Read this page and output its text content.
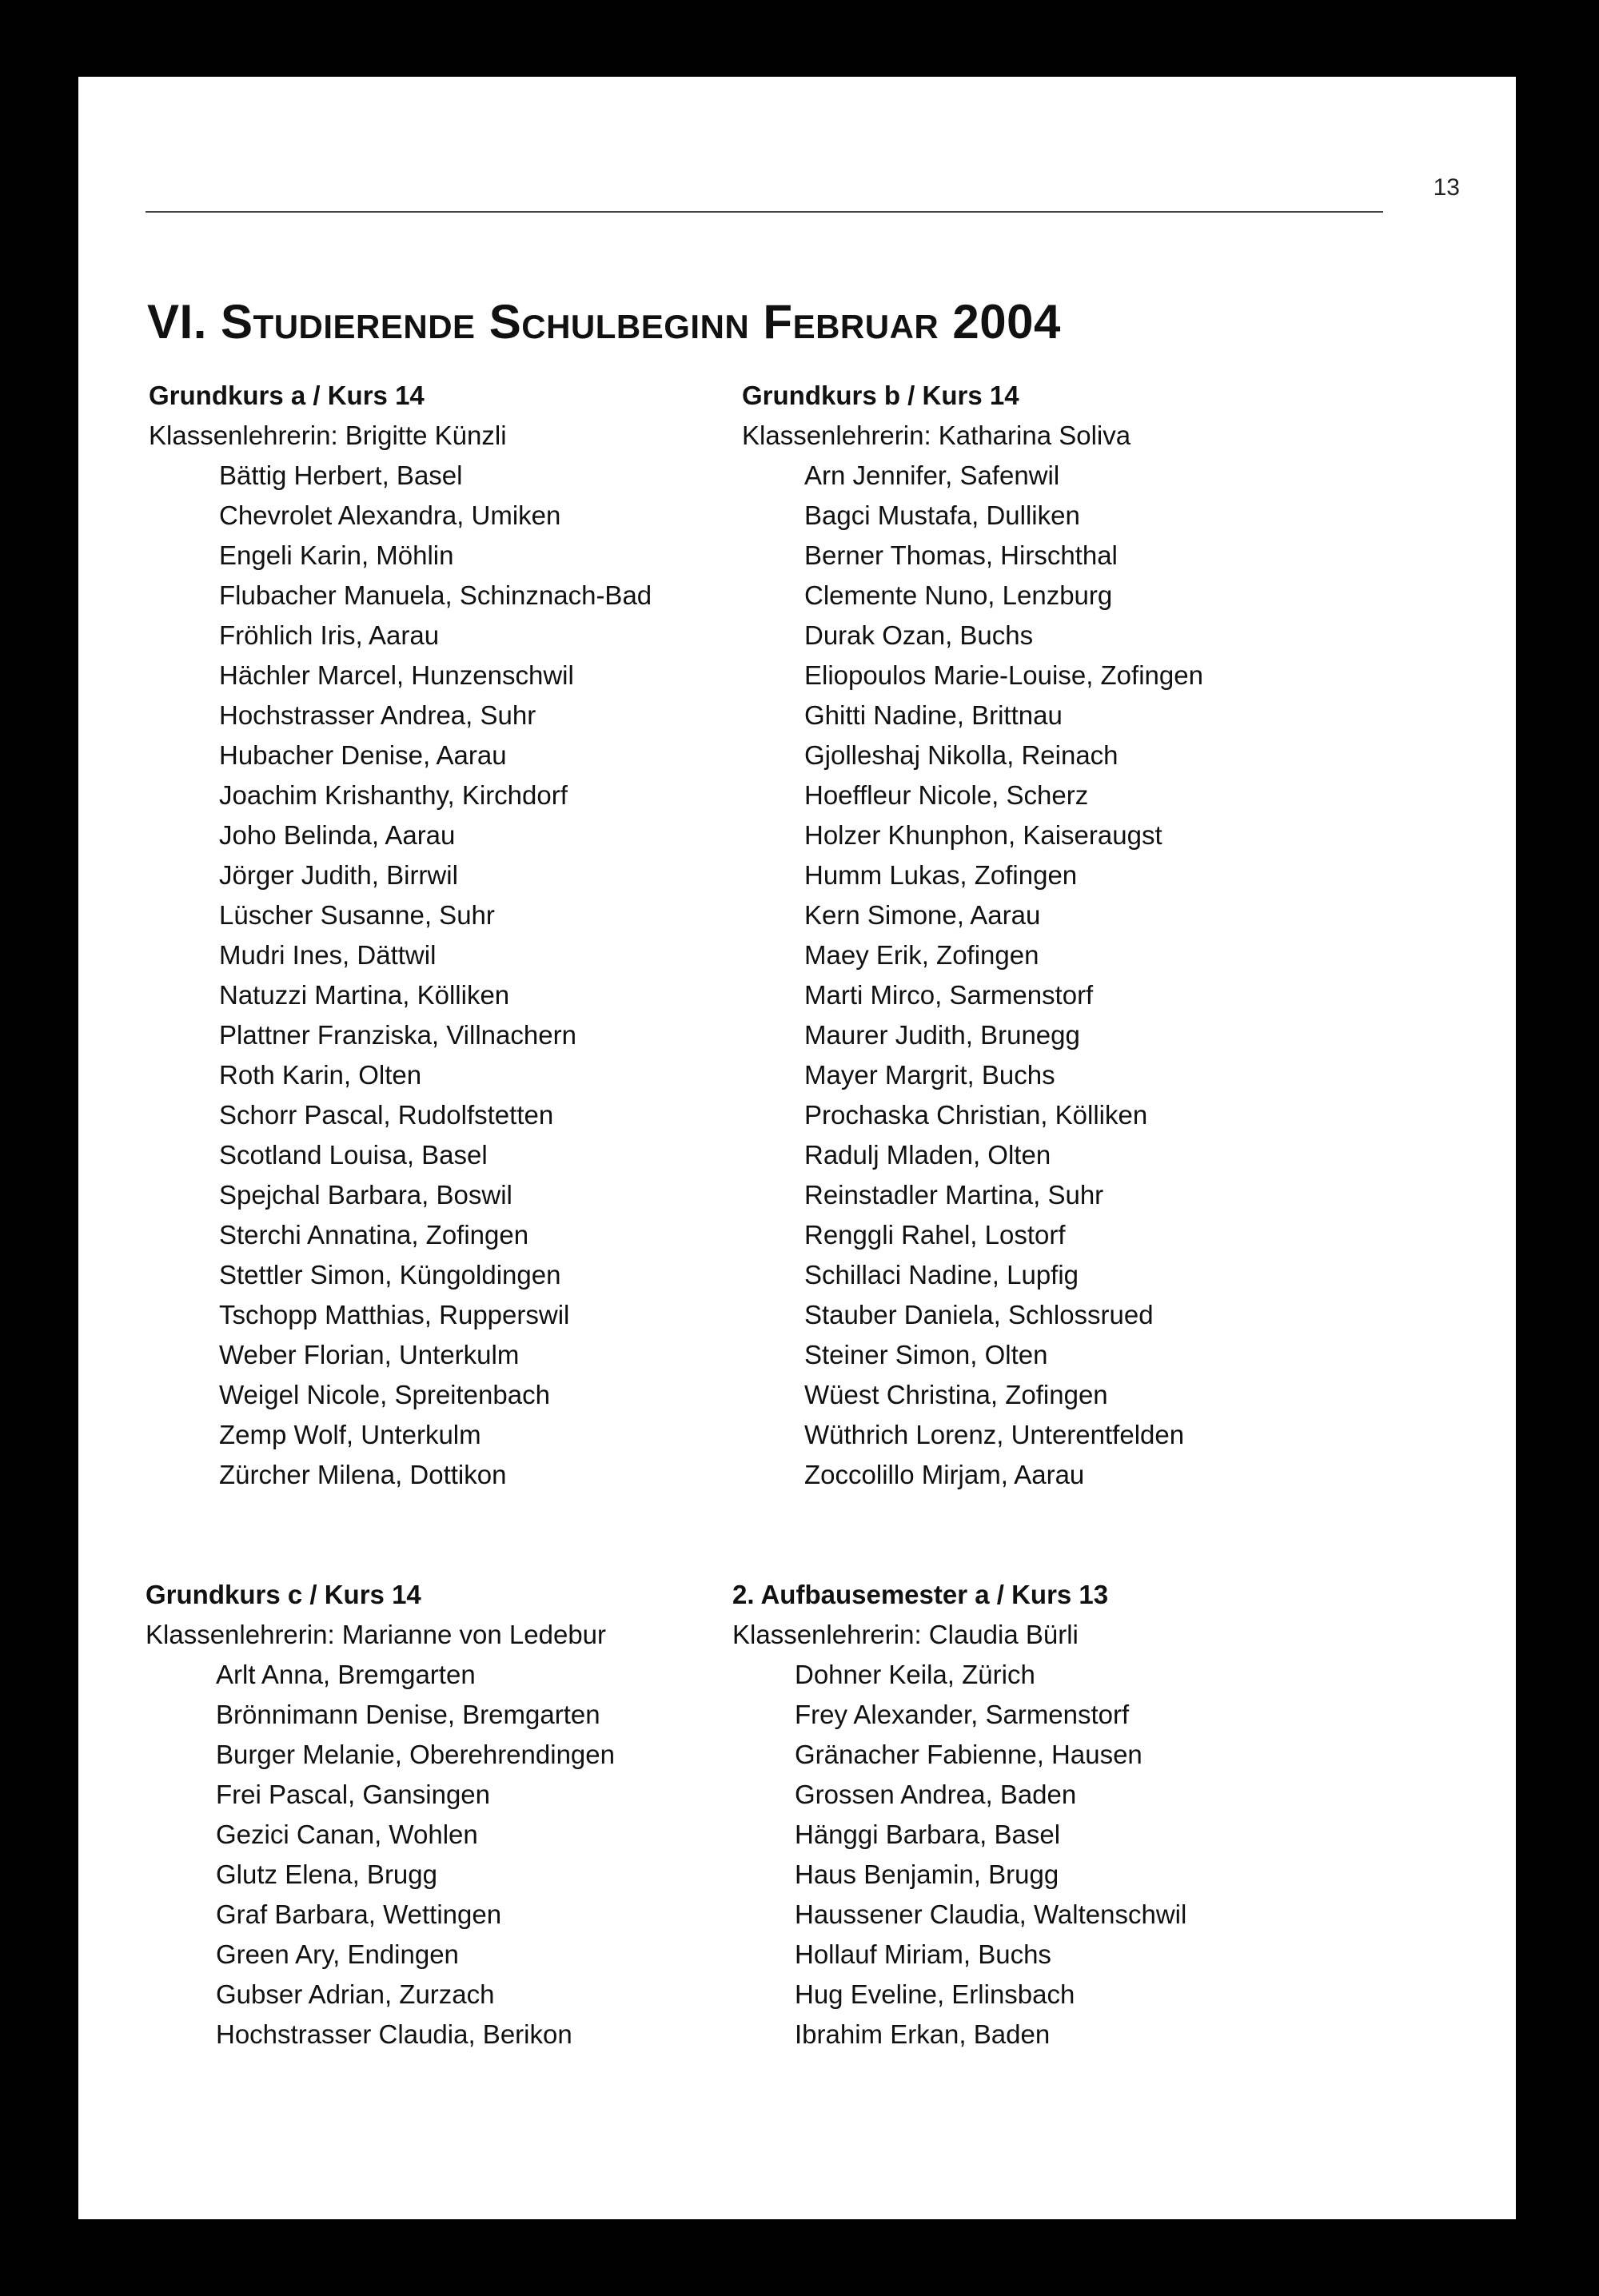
13
VI. Studierende Schulbeginn Februar 2004
Grundkurs a / Kurs 14
Klassenlehrerin: Brigitte Künzli
Bättig Herbert, Basel
Chevrolet Alexandra, Umiken
Engeli Karin, Möhlin
Flubacher Manuela, Schinznach-Bad
Fröhlich Iris, Aarau
Hächler Marcel, Hunzenschwil
Hochstrasser Andrea, Suhr
Hubacher Denise, Aarau
Joachim Krishanthy, Kirchdorf
Joho Belinda, Aarau
Jörger Judith, Birrwil
Lüscher Susanne, Suhr
Mudri Ines, Dättwil
Natuzzi Martina, Kölliken
Plattner Franziska, Villnachern
Roth Karin, Olten
Schorr Pascal, Rudolfstetten
Scotland Louisa, Basel
Spejchal Barbara, Boswil
Sterchi Annatina, Zofingen
Stettler Simon, Küngoldingen
Tschopp Matthias, Rupperswil
Weber Florian, Unterkulm
Weigel Nicole, Spreitenbach
Zemp Wolf, Unterkulm
Zürcher Milena, Dottikon
Grundkurs b / Kurs 14
Klassenlehrerin: Katharina Soliva
Arn Jennifer, Safenwil
Bagci Mustafa, Dulliken
Berner Thomas, Hirschthal
Clemente Nuno, Lenzburg
Durak Ozan, Buchs
Eliopoulos Marie-Louise, Zofingen
Ghitti Nadine, Brittnau
Gjolleshaj Nikolla, Reinach
Hoeffleur Nicole, Scherz
Holzer Khunphon, Kaiseraugst
Humm Lukas, Zofingen
Kern Simone, Aarau
Maey Erik, Zofingen
Marti Mirco, Sarmenstorf
Maurer Judith, Brunegg
Mayer Margrit, Buchs
Prochaska Christian, Kölliken
Radulj Mladen, Olten
Reinstadler Martina, Suhr
Renggli Rahel, Lostorf
Schillaci Nadine, Lupfig
Stauber Daniela, Schlossrued
Steiner Simon, Olten
Wüest Christina, Zofingen
Wüthrich Lorenz, Unterentfelden
Zoccolillo Mirjam, Aarau
Grundkurs c / Kurs 14
Klassenlehrerin: Marianne von Ledebur
Arlt Anna, Bremgarten
Brönnimann Denise, Bremgarten
Burger Melanie, Oberehrendingen
Frei Pascal, Gansingen
Gezici Canan, Wohlen
Glutz Elena, Brugg
Graf Barbara, Wettingen
Green Ary, Endingen
Gubser Adrian, Zurzach
Hochstrasser Claudia, Berikon
2. Aufbausemester a / Kurs 13
Klassenlehrerin: Claudia Bürli
Dohner Keila, Zürich
Frey Alexander, Sarmenstorf
Gränacher Fabienne, Hausen
Grossen Andrea, Baden
Hänggi Barbara, Basel
Haus Benjamin, Brugg
Haussener Claudia, Waltenschwil
Hollauf Miriam, Buchs
Hug Eveline, Erlinsbach
Ibrahim Erkan, Baden
